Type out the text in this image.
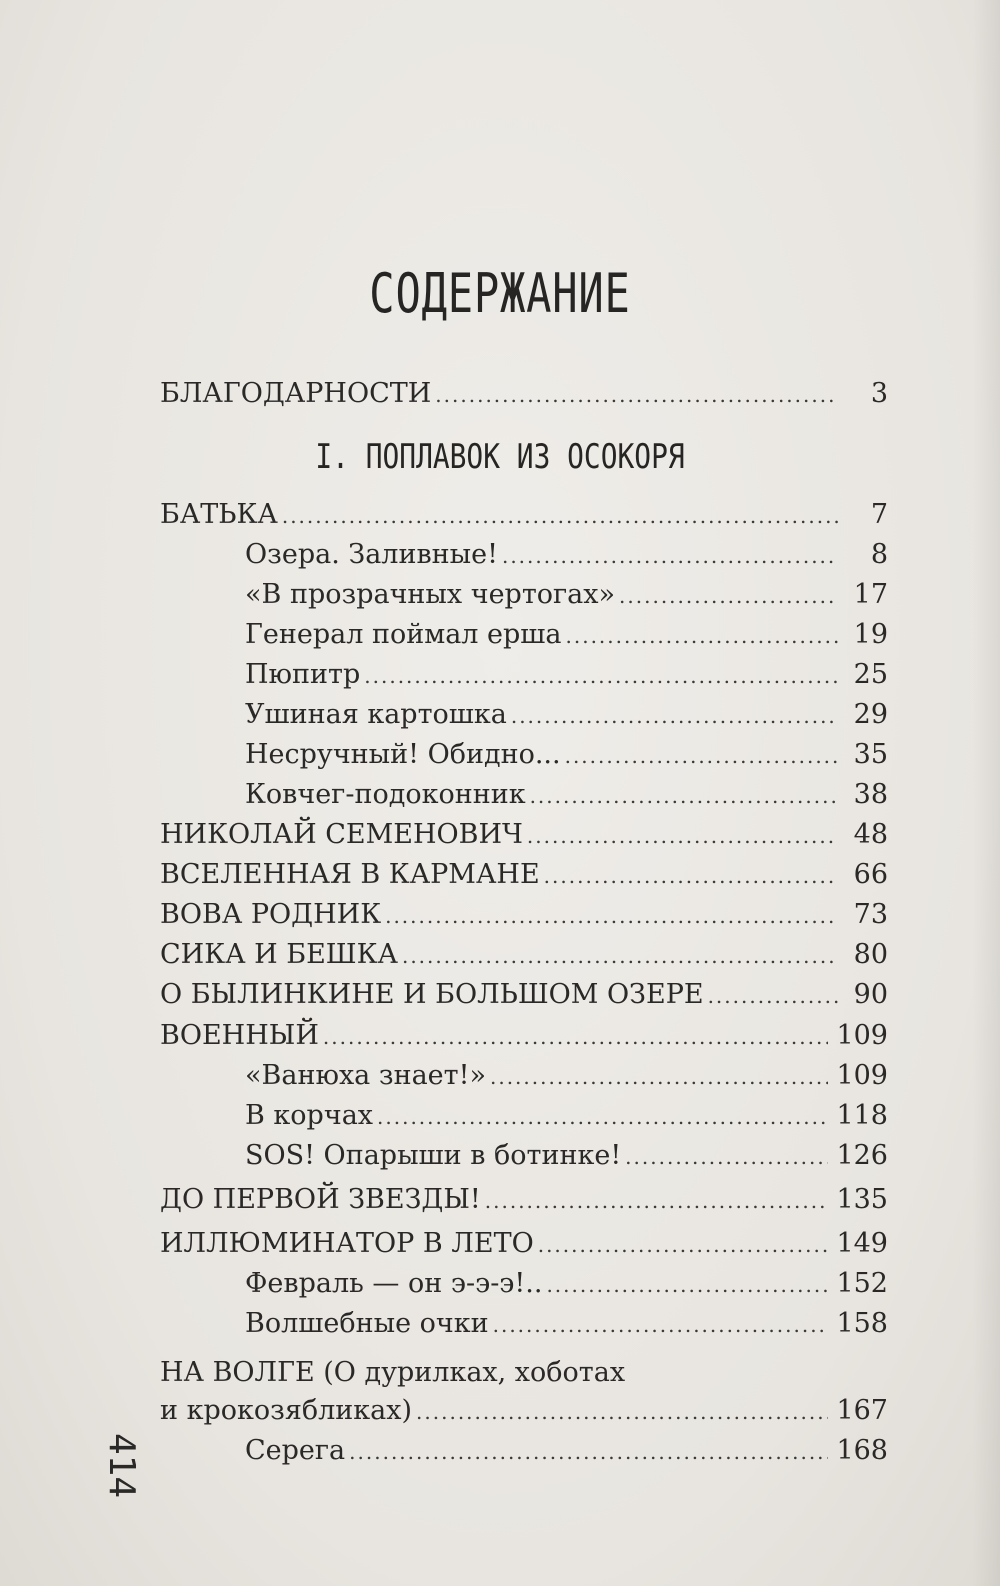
СОДЕРЖАНИЕ
БЛАГОДАРНОСТИ .....	3
I. ПОПЛАВОК ИЗ ОСОКОРЯ
БАТЬКА .....	7
Озера. Заливные! .....	8
«В прозрачных чертогах» .....	17
Генерал поймал ерша .....	19
Пюпитр .....	25
Ушиная картошка .....	29
Несручный! Обидно... .....	35
Ковчег-подоконник .....	38
НИКОЛАЙ СЕМЕНОВИЧ .....	48
ВСЕЛЕННАЯ В КАРМАНЕ .....	66
ВОВА РОДНИК .....	73
СИКА И БЕШКА .....	80
О БЫЛИНКИНЕ И БОЛЬШОМ ОЗЕРЕ .....	90
ВОЕННЫЙ .....	109
«Ванюха знает!» .....	109
В корчах .....	118
SOS! Опарыши в ботинке! .....	126
ДО ПЕРВОЙ ЗВЕЗДЫ! .....	135
ИЛЛЮМИНАТОР В ЛЕТО .....	149
Февраль — он э-э-э!.. .....	152
Волшебные очки .....	158
НА ВОЛГЕ (О дурилках, хоботах
и крокозябликах) .....	167
Серега .....	168
414
